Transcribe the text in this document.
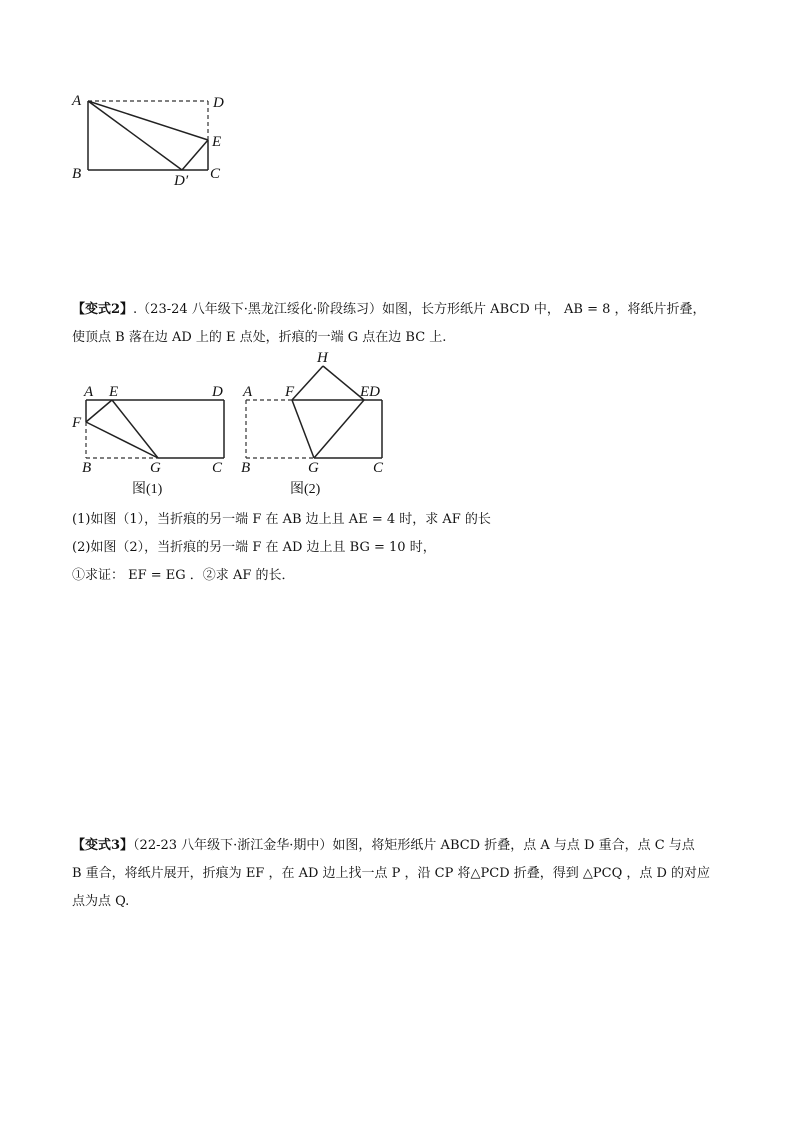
A	D
E
B	D′ C
【变式2】.（23-24 八年级下·黑龙江绥化·阶段练习）如图，长方形纸片 ABCD 中， AB = 8 ，将纸片折叠，
使顶点 B 落在边 AD 上的 E 点处，折痕的一端 G 点在边 BC 上.
A E	D
F
B	G	C
图(1)
H
A F	ED
B	G	C
图(2)
(1)如图（1），当折痕的另一端 F 在 AB 边上且 AE = 4 时，求 AF 的长
(2)如图（2），当折痕的另一端 F 在 AD 边上且 BG = 10 时，
①求证： EF = EG ．②求 AF 的长．
【变式3】（22-23 八年级下·浙江金华·期中）如图，将矩形纸片 ABCD 折叠，点 A 与点 D 重合，点 C 与点
B 重合，将纸片展开，折痕为 EF ，在 AD 边上找一点 P ，沿 CP 将△PCD 折叠，得到 △PCQ ，点 D 的对应
点为点 Q.
